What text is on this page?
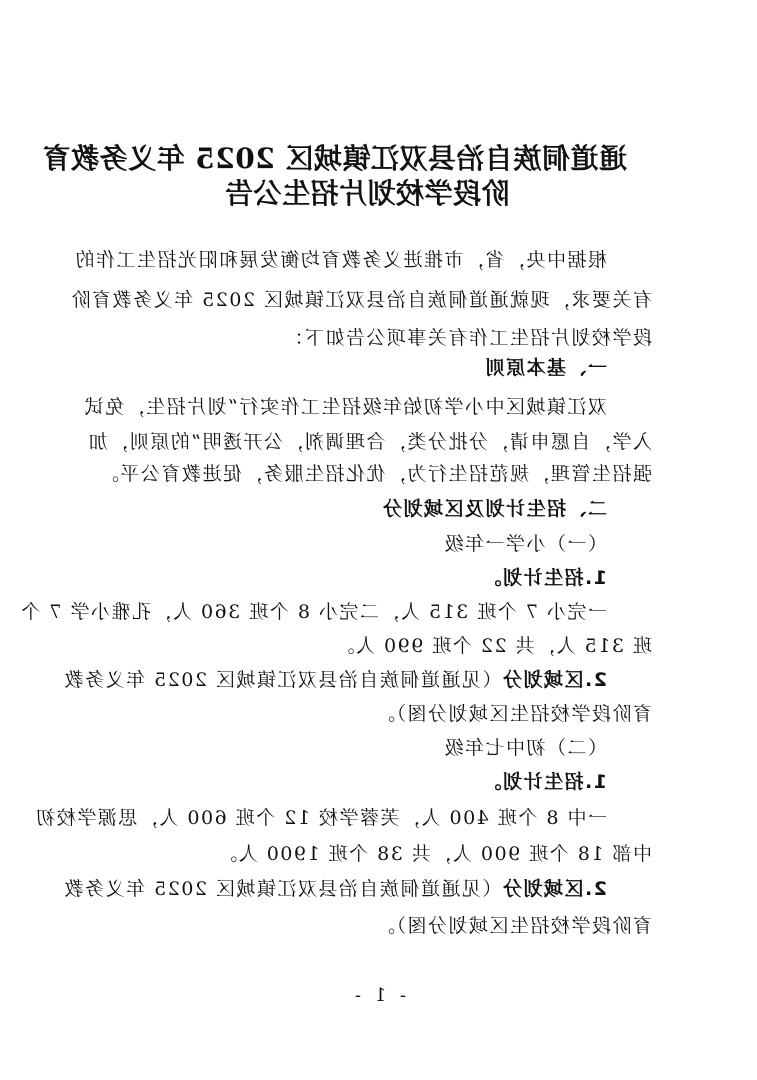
通道侗族自治县双江镇城区 2025 年义务教育
阶段学校划片招生公告
根据中央，省，市推进义务教育均衡发展和阳光招生工作的
有关要求，现就通道侗族自治县双江镇城区 2025 年义务教育阶
段学校划片招生工作有关事项公告如下：
一、基本原则
双江镇城区中小学初始年级招生工作实行“划片招生，免试
入学，自愿申请，分批分类，合理调剂，公开透明”的原则，加
强招生管理，规范招生行为，优化招生服务，促进教育公平。
二、招生计划及区域划分
（一）小学一年级
1.招生计划。
一完小 7 个班 315 人，二完小 8 个班 360 人，孔雅小学 7 个
班 315 人，共 22 个班 990 人。
2.区域划分（见通道侗族自治县双江镇城区 2025 年义务教
育阶段学校招生区域划分图）。
（二）初中七年级
1.招生计划。
一中 8 个班 400 人，芙蓉学校 12 个班 600 人，思源学校初
中部 18 个班 900 人，共 38 个班 1900 人。
2.区域划分（见通道侗族自治县双江镇城区 2025 年义务教
育阶段学校招生区域划分图）。
- 1 -
